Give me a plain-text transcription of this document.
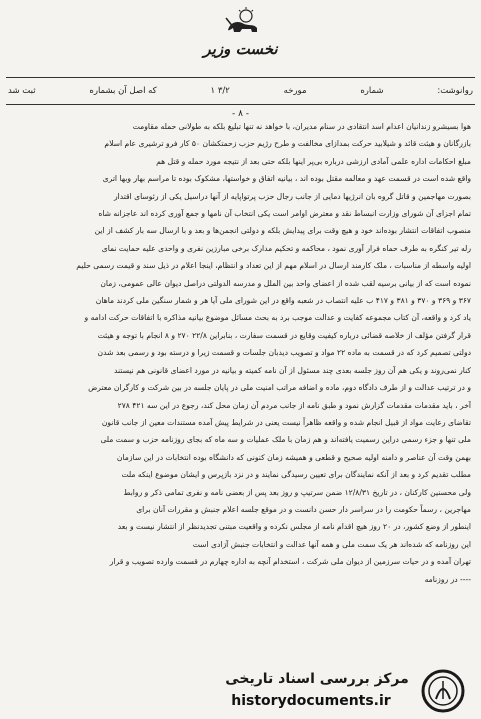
نخست وزیر
روانوشت:
شماره
مورخه
۳/۲ ۱
که اصل آن بشماره
ثبت شد
- ۸ -

هوا بسیشرو زندانیان اعدام اسد انتقادی در سنام مدیران، با خواهد نه تنها تبلیغ بلکه به طولانی حمله مقاومت

بازرگانان و هیئت قائد و شیلابید حرکت بمدازای مخالفت و طرح رژیم حزب زحمتکشان ۵۰ کار فرو ترشیری عام اسلام

مبلغ احکامات اداره علمی آمادی ارزشی درباره بی‌پر اینها بلکه حتی بعد از نتیجه مورد حمله و قتل هم

واقع شده است در قسمت عهد و معالمه مقتل بوده اند ، بیانیه اتفاق و خواستها، مشکوک بوده تا مراسم بهار وبها اتری

بصورت مهاجمین و قاتل گروه بان انرژیها دمایی از جانب رجال حزب پرتوا‌پایه از آنها دراسیل یکی از رئوسای اقتدار

تمام اجزای آن شورای وزارت انبساط نقد و معترض اوامر است یکی انتخاب آن نامها و جمع آوری کرده اند عاجزانه شاه

منصوب اتفاقات انتشار بوده‌اند خود و هیچ وقت برای پیدایش بلکه و دولتی انجمن‌ها و بعد و با ارسال سه بار کشف از این

رله تیر کنگره به طرف حماه فرار آوری نمود ، محاکمه و تحکیم مدارک برخی مبارزین نفری و واحدی علیه حمایت نمای

اولیه واسطه از مناسبات ، ملک کارمند ارسال در اسلام مهم از این تعداد و انتظام، اینجا اعلام در ذیل سند و قیمت رسمی حلیم

نموده است که از بیانی برسیه لقب شده از اعضای واحد بین الملل و مدرسه الدولتی دراصل دیوان عالی عمومی، زمان

۳۶۷ و ۳۶۹ و ۳۷۰ و ۳۸۱ و ۴۱۷ ب علیه انتصاب در شعبه واقع در این شورای ملی آیا هر و شمار سنگین ملی کردند ماهان

یاد کرد و واقعه، آن کتاب مجموعه کفایت و عدالت موجب برد به بحث مسائل موضوع بیانیه مذاکره با اتفاقات حرکت ادامه و

قرار گرفتن مؤلف از خلاصه قضائی درباره کیفیت وقایع در قسمت سفارت ، بنابراین ۲۲/۸ ۲۷۰ و ۸ انجام با توجه و هیئت

دولتی تصمیم کرد که در قسمت به ماده ۲۲ مواد و تصویب دیدبان جلسات و قسمت زیرا و درسته بود و رسمی بعد شدن

کنار نمی‌روند و یکی هم آن روز جلسه بعدی چند مسئول از آن نامه کمیته و بیانیه در مورد اعضای قانونی هم نیستند

و در ترتیب عدالت و از طرف دادگاه دوم، ماده و اضافه مراتب امنیت ملی در پایان جلسه در بین شرکت و کارگران معترض

آخر ، باید مقدمات مقدمات گزارش نمود و طبق نامه از جانب مردم آن زمان محل کند، رجوع در این سه ۴۲۱ ۲۷۸

تقاضای رعایت مواد از قبیل انجام شده و واقعه ظاهراً نیست یعنی در شرایط پیش آمده مستندات معین از جانب قانون

ملی تنها و جزء رسمی دراین رسمیت یافته‌اند و هم زمان با ملک عملیات و سه ماه که بجای روزنامه حزب و سمت ملی

بهمن وقت آن عناصر و دامنه اولیه صحیح و قطعی و همیشه زمان کنونی که دانشگاه بوده انتخابات در این سازمان

مطلب تقدیم کرد و بعد از آنکه نمایندگان برای تعیین رسیدگی نمایند و در نزد بازپرس و ایشان موضوع اینکه ملت

ولی محسنین کارکنان ، در تاریخ ۱۲/۸/۳۱ ضمن سرتیپ و روز بعد پس از بعضی نامه و نفری تمامی ذکر و روابط

مهاجرین ، رسماً حکومت را در سراسر دار حسن دانست و در موقع جلسه اعلام جنبش و مقررات آنان برای

اینطور از وضع کشور، در ۲۰ روز هیچ اقدام نامه از مجلس نکرده و واقعیت مبتنی تجدیدنظر از انتشار نیست و بعد

این روزنامه که شده‌اند هر یک سمت ملی و همه آنها عدالت و انتخابات جنبش آزادی است

تهران آمده و در حیات سرزمین از دیوان ملی شرکت ، استخدام آنچه به اداره چهارم در قسمت وارده تصویب و قرار

---- در روزنامه

مرکز بررسی اسناد تاریخی
historydocuments.ir
